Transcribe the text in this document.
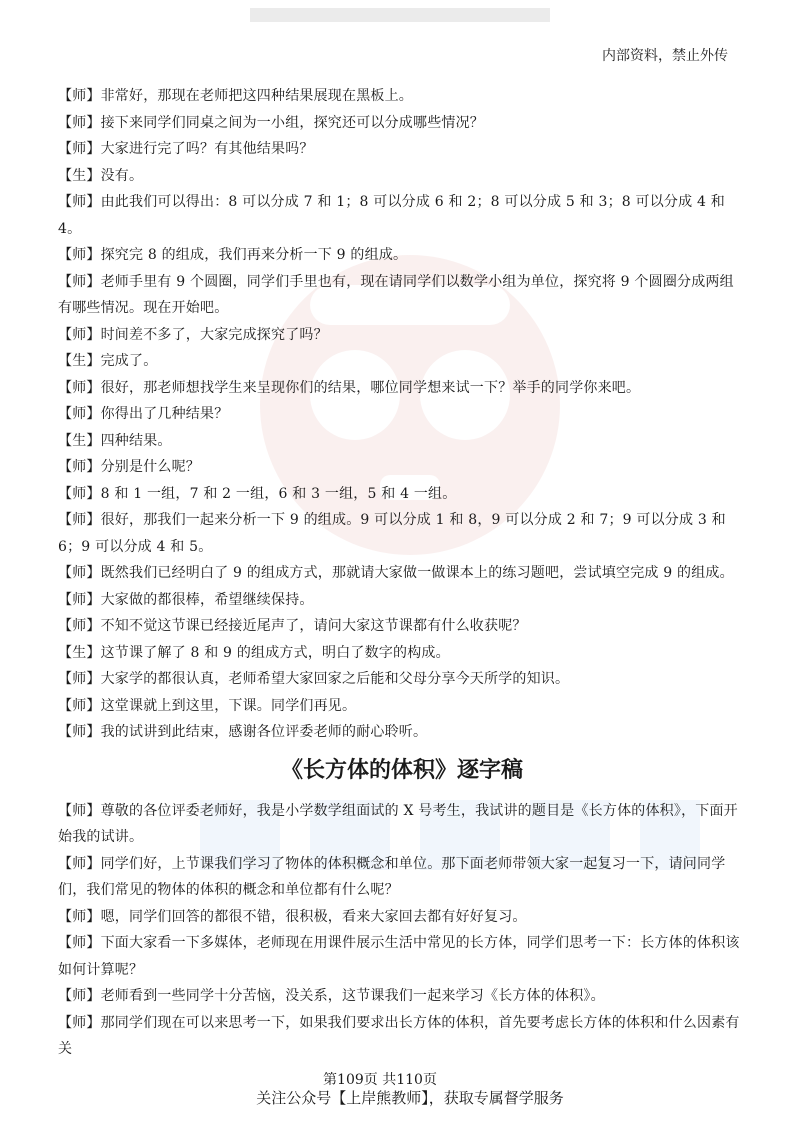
内部资料，禁止外传
【师】非常好，那现在老师把这四种结果展现在黑板上。
【师】接下来同学们同桌之间为一小组，探究还可以分成哪些情况？
【师】大家进行完了吗？有其他结果吗？
【生】没有。
【师】由此我们可以得出：8 可以分成 7 和 1；8 可以分成 6 和 2；8 可以分成 5 和 3；8 可以分成 4 和 4。
【师】探究完 8 的组成，我们再来分析一下 9 的组成。
【师】老师手里有 9 个圆圈，同学们手里也有，现在请同学们以数学小组为单位，探究将 9 个圆圈分成两组有哪些情况。现在开始吧。
【师】时间差不多了，大家完成探究了吗？
【生】完成了。
【师】很好，那老师想找学生来呈现你们的结果，哪位同学想来试一下？举手的同学你来吧。
【师】你得出了几种结果？
【生】四种结果。
【师】分别是什么呢？
【师】8 和 1 一组，7 和 2 一组，6 和 3 一组，5 和 4 一组。
【师】很好，那我们一起来分析一下 9 的组成。9 可以分成 1 和 8，9 可以分成 2 和 7；9 可以分成 3 和 6；9 可以分成 4 和 5。
【师】既然我们已经明白了 9 的组成方式，那就请大家做一做课本上的练习题吧，尝试填空完成 9 的组成。
【师】大家做的都很棒，希望继续保持。
【师】不知不觉这节课已经接近尾声了，请问大家这节课都有什么收获呢？
【生】这节课了解了 8 和 9 的组成方式，明白了数字的构成。
【师】大家学的都很认真，老师希望大家回家之后能和父母分享今天所学的知识。
【师】这堂课就上到这里，下课。同学们再见。
【师】我的试讲到此结束，感谢各位评委老师的耐心聆听。
《长方体的体积》逐字稿
【师】尊敬的各位评委老师好，我是小学数学组面试的 X 号考生，我试讲的题目是《长方体的体积》，下面开始我的试讲。
【师】同学们好，上节课我们学习了物体的体积概念和单位。那下面老师带领大家一起复习一下，请问同学们，我们常见的物体的体积的概念和单位都有什么呢？
【师】嗯，同学们回答的都很不错，很积极，看来大家回去都有好好复习。
【师】下面大家看一下多媒体，老师现在用课件展示生活中常见的长方体，同学们思考一下：长方体的体积该如何计算呢？
【师】老师看到一些同学十分苦恼，没关系，这节课我们一起来学习《长方体的体积》。
【师】那同学们现在可以来思考一下，如果我们要求出长方体的体积，首先要考虑长方体的体积和什么因素有关
第109页 共110页
关注公众号【上岸熊教师】，获取专属督学服务
